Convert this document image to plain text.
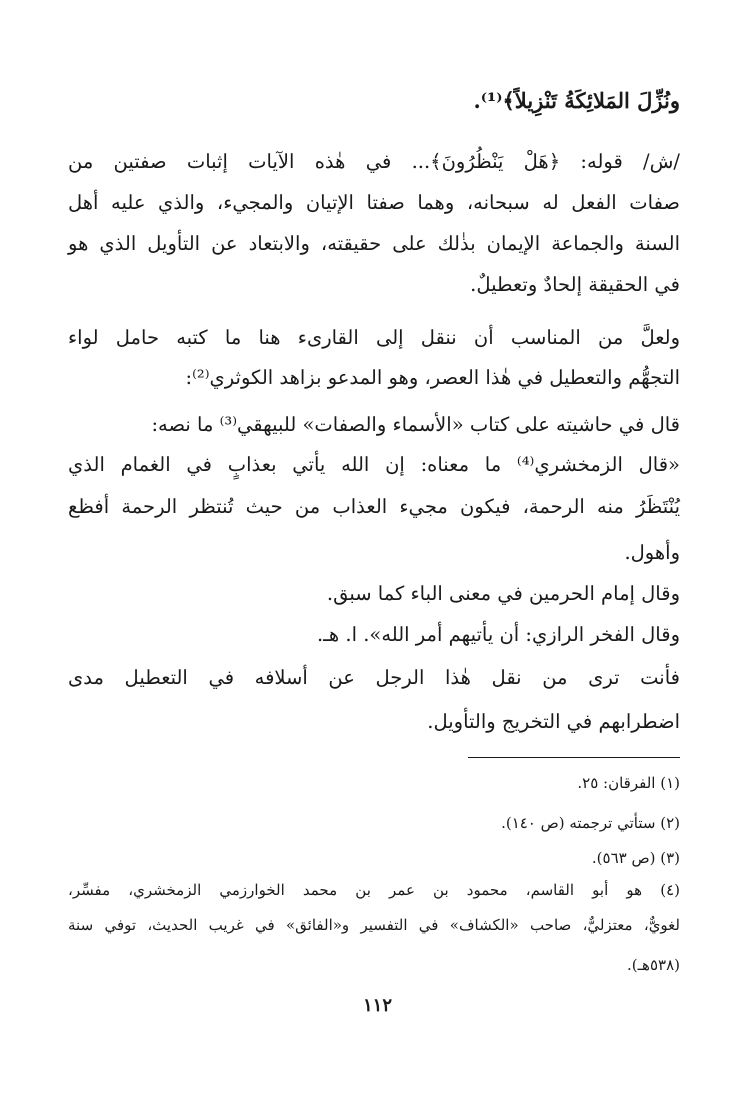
ونُزِّلَ المَلائِكَةُ تَنْزِيلاً﴾⁽¹⁾.
/ش/ قوله: ﴿هَلْ يَنْظُرُونَ﴾... في هٰذه الآيات إثبات صفتين من
صفات الفعل له سبحانه، وهما صفتا الإتيان والمجيء، والذي عليه أهل
السنة والجماعة الإيمان بذٰلك على حقيقته، والابتعاد عن التأويل الذي هو
في الحقيقة إلحادٌ وتعطيلٌ.
ولعلَّ من المناسب أن ننقل إلى القارىء هنا ما كتبه حامل لواء
التجهُّم والتعطيل في هٰذا العصر، وهو المدعو بزاهد الكوثري⁽²⁾:
قال في حاشيته على كتاب «الأسماء والصفات» للبيهقي⁽³⁾ ما نصه:
«قال الزمخشري⁽⁴⁾ ما معناه: إن الله يأتي بعذابٍ في الغمام الذي
يُنْتَظَرُ منه الرحمة، فيكون مجيء العذاب من حيث تُنتظر الرحمة أفظع
وأهول.
وقال إمام الحرمين في معنى الباء كما سبق.
وقال الفخر الرازي: أن يأتيهم أمر الله». ا. هـ.
فأنت ترى من نقل هٰذا الرجل عن أسلافه في التعطيل مدى
اضطرابهم في التخريج والتأويل.
(١) الفرقان: ٢٥.
(٢) ستأتي ترجمته (ص ١٤٠).
(٣) (ص ٥٦٣).
(٤) هو أبو القاسم، محمود بن عمر بن محمد الخوارزمي الزمخشري، مفسِّر،
لغويٌّ، معتزليٌّ، صاحب «الكشاف» في التفسير و«الفائق» في غريب الحديث، توفي سنة
(٥٣٨هـ).
١١٢
